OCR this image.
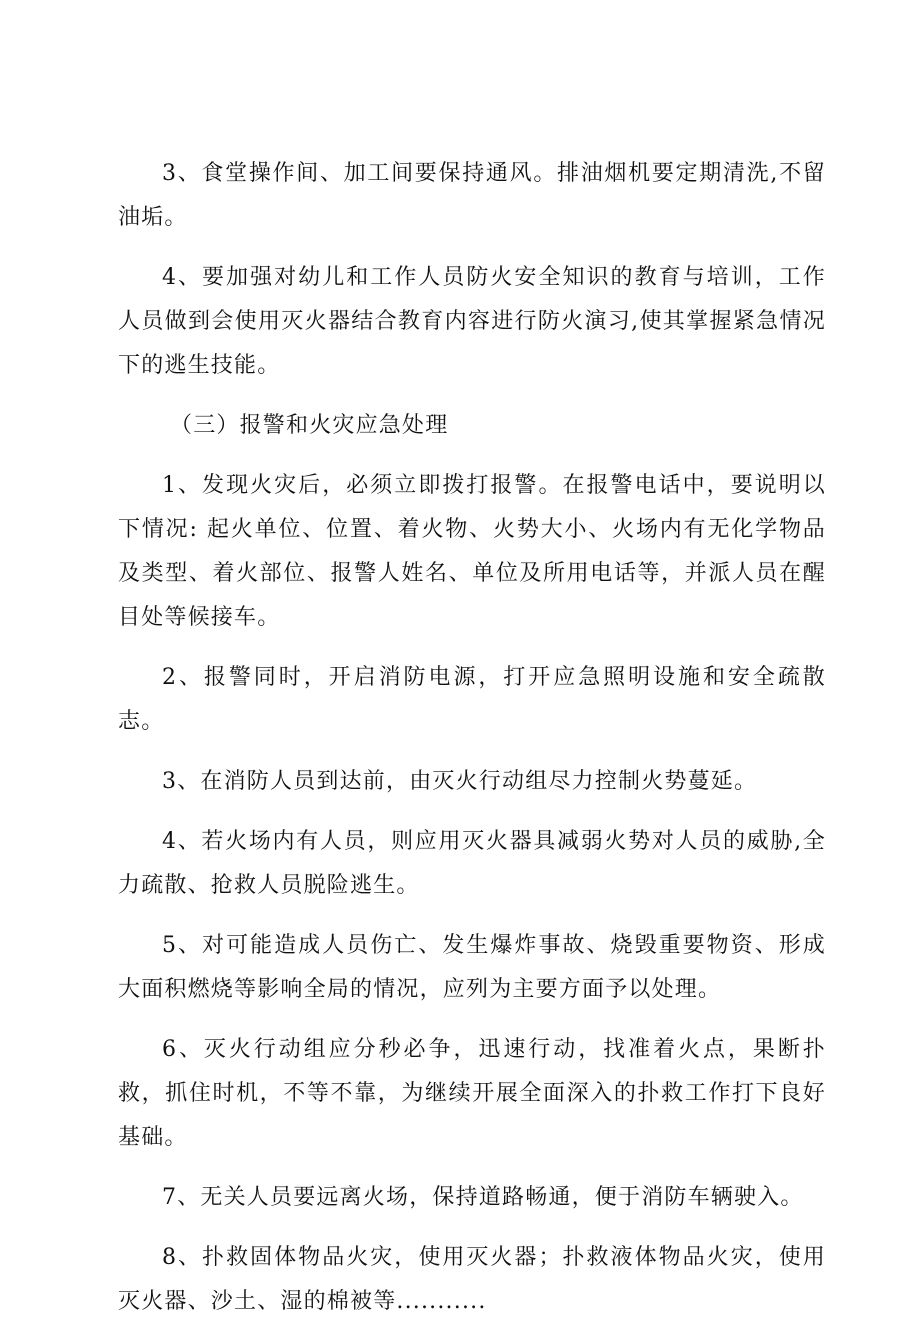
3、食堂操作间、加工间要保持通风。排油烟机要定期清洗,不留油垢。

4、要加强对幼儿和工作人员防火安全知识的教育与培训，工作人员做到会使用灭火器结合教育内容进行防火演习,使其掌握紧急情况下的逃生技能。

（三）报警和火灾应急处理

1、发现火灾后，必须立即拨打报警。在报警电话中，要说明以下情况: 起火单位、位置、着火物、火势大小、火场内有无化学物品及类型、着火部位、报警人姓名、单位及所用电话等，并派人员在醒目处等候接车。

2、报警同时，开启消防电源，打开应急照明设施和安全疏散志。

3、在消防人员到达前，由灭火行动组尽力控制火势蔓延。

4、若火场内有人员，则应用灭火器具减弱火势对人员的威胁,全力疏散、抢救人员脱险逃生。

5、对可能造成人员伤亡、发生爆炸事故、烧毁重要物资、形成大面积燃烧等影响全局的情况，应列为主要方面予以处理。

6、灭火行动组应分秒必争，迅速行动，找准着火点，果断扑救，抓住时机，不等不靠，为继续开展全面深入的扑救工作打下良好基础。

7、无关人员要远离火场，保持道路畅通，便于消防车辆驶入。

8、扑救固体物品火灾，使用灭火器；扑救液体物品火灾，使用灭火器、沙土、湿的棉被等...........
